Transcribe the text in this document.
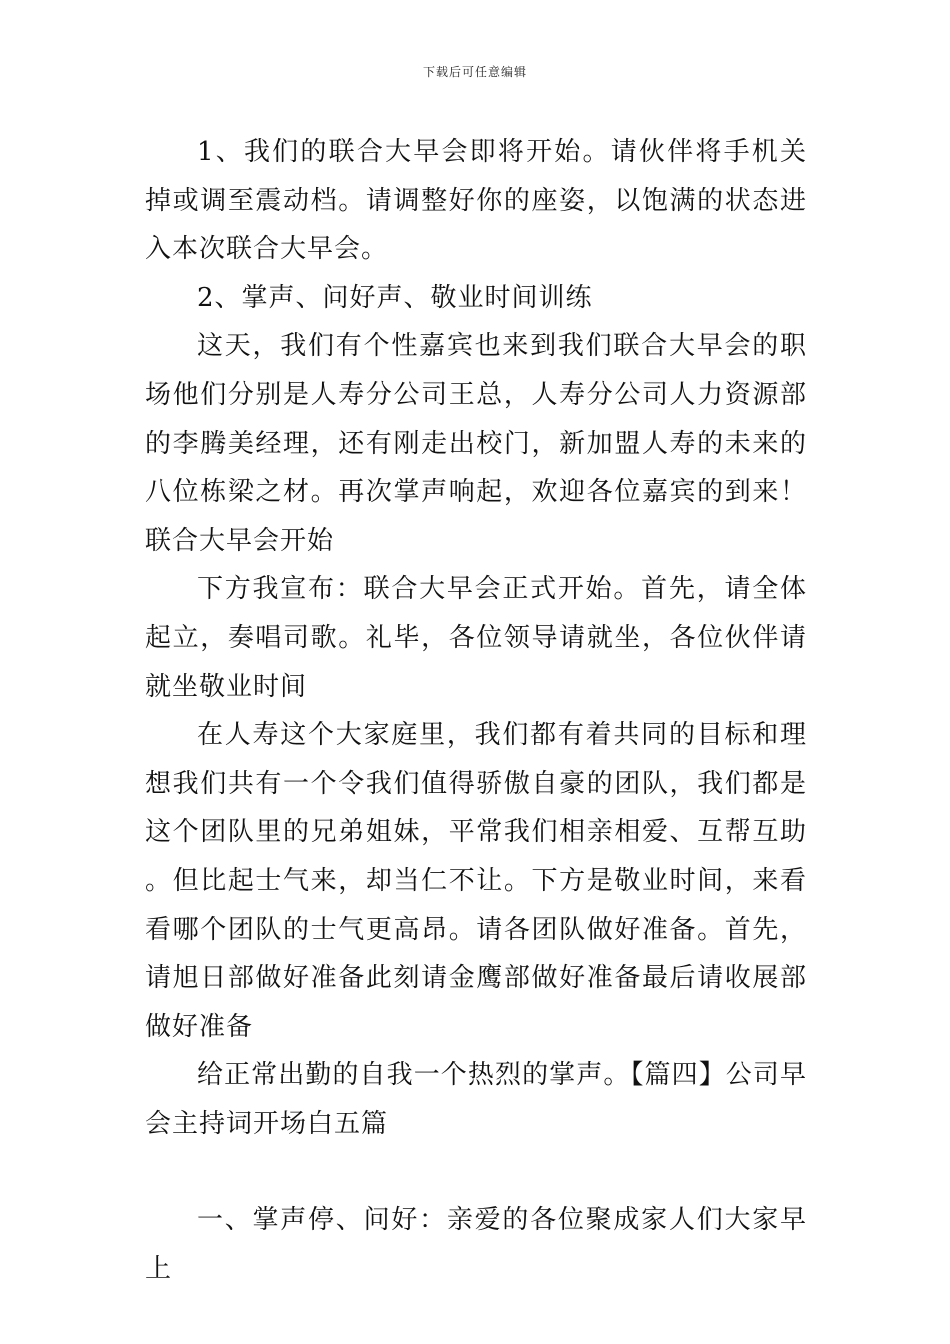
下载后可任意编辑

1、我们的联合大早会即将开始。请伙伴将手机关掉或调至震动档。请调整好你的座姿，以饱满的状态进入本次联合大早会。

2、掌声、问好声、敬业时间训练

这天，我们有个性嘉宾也来到我们联合大早会的职场他们分别是人寿分公司王总，人寿分公司人力资源部的李腾美经理，还有刚走出校门，新加盟人寿的未来的八位栋梁之材。再次掌声响起，欢迎各位嘉宾的到来！联合大早会开始

下方我宣布：联合大早会正式开始。首先，请全体起立，奏唱司歌。礼毕，各位领导请就坐，各位伙伴请就坐敬业时间

在人寿这个大家庭里，我们都有着共同的目标和理想我们共有一个令我们值得骄傲自豪的团队，我们都是这个团队里的兄弟姐妹，平常我们相亲相爱、互帮互助。但比起士气来，却当仁不让。下方是敬业时间，来看看哪个团队的士气更高昂。请各团队做好准备。首先，请旭日部做好准备此刻请金鹰部做好准备最后请收展部做好准备

给正常出勤的自我一个热烈的掌声。【篇四】公司早会主持词开场白五篇

一、掌声停、问好：亲爱的各位聚成家人们大家早上
